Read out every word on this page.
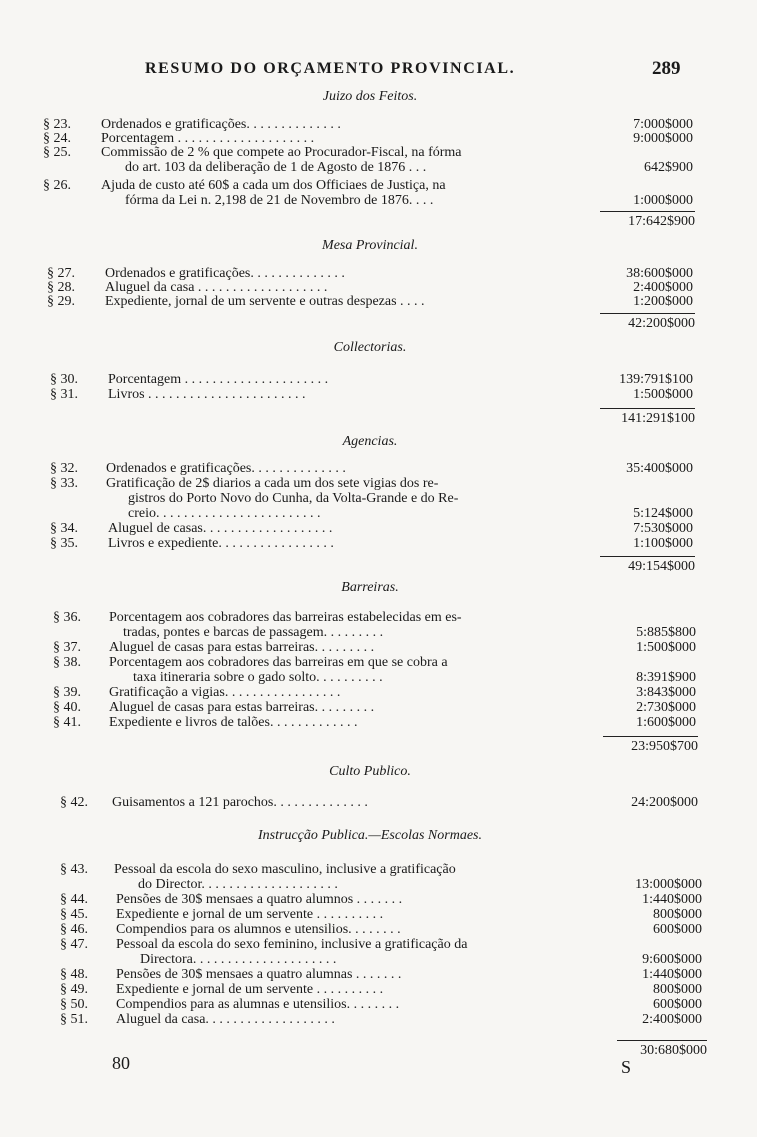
RESUMO DO ORÇAMENTO PROVINCIAL.	289
Juizo dos Feitos.
§ 23.	Ordenados e gratificações. . . . . . . . . . . . . .	7:000$000
§ 24.	Porcentagem . . . . . . . . . . . . . . . . . . . .	9:000$000
§ 25.	Commissão de 2 % que compete ao Procurador-Fiscal, na fórma
do art. 103 da deliberação de 1 de Agosto de 1876 . . .	642$900
§ 26.	Ajuda de custo até 60$ a cada um dos Officiaes de Justiça, na
fórma da Lei n. 2,198 de 21 de Novembro de 1876. . . .	1:000$000
17:642$900
Mesa Provincial.
§ 27.	Ordenados e gratificações. . . . . . . . . . . . . .	38:600$000
§ 28.	Aluguel da casa . . . . . . . . . . . . . . . . . . .	2:400$000
§ 29.	Expediente, jornal de um servente e outras despezas . . . .	1:200$000
42:200$000
Collectorias.
§ 30.	Porcentagem . . . . . . . . . . . . . . . . . . . . .	139:791$100
§ 31.	Livros . . . . . . . . . . . . . . . . . . . . . . .	1:500$000
141:291$100
Agencias.
§ 32.	Ordenados e gratificações. . . . . . . . . . . . . .	35:400$000
§ 33.	Gratificação de 2$ diarios a cada um dos sete vigias dos re-
gistros do Porto Novo do Cunha, da Volta-Grande e do Re-
creio. . . . . . . . . . . . . . . . . . . . . . . .	5:124$000
§ 34.	Aluguel de casas. . . . . . . . . . . . . . . . . . .	7:530$000
§ 35.	Livros e expediente. . . . . . . . . . . . . . . . .	1:100$000
49:154$000
Barreiras.
§ 36.	Porcentagem aos cobradores das barreiras estabelecidas em es-
tradas, pontes e barcas de passagem. . . . . . . . .	5:885$800
§ 37.	Aluguel de casas para estas barreiras. . . . . . . . .	1:500$000
§ 38.	Porcentagem aos cobradores das barreiras em que se cobra a
taxa itineraria sobre o gado solto. . . . . . . . . .	8:391$900
§ 39.	Gratificação a vigias. . . . . . . . . . . . . . . . .	3:843$000
§ 40.	Aluguel de casas para estas barreiras. . . . . . . . .	2:730$000
§ 41.	Expediente e livros de talões. . . . . . . . . . . . .	1:600$000
23:950$700
Culto Publico.
§ 42.	Guisamentos a 121 parochos. . . . . . . . . . . . . .	24:200$000
Instrucção Publica.—Escolas Normaes.
§ 43.	Pessoal da escola do sexo masculino, inclusive a gratificação
do Director. . . . . . . . . . . . . . . . . . . .	13:000$000
§ 44.	Pensões de 30$ mensaes a quatro alumnos . . . . . . .	1:440$000
§ 45.	Expediente e jornal de um servente . . . . . . . . . .	800$000
§ 46.	Compendios para os alumnos e utensilios. . . . . . . .	600$000
§ 47.	Pessoal da escola do sexo feminino, inclusive a gratificação da
Directora. . . . . . . . . . . . . . . . . . . . .	9:600$000
§ 48.	Pensões de 30$ mensaes a quatro alumnas . . . . . . .	1:440$000
§ 49.	Expediente e jornal de um servente . . . . . . . . . .	800$000
§ 50.	Compendios para as alumnas e utensilios. . . . . . . .	600$000
§ 51.	Aluguel da casa. . . . . . . . . . . . . . . . . . .	2:400$000
30:680$000
80	S
